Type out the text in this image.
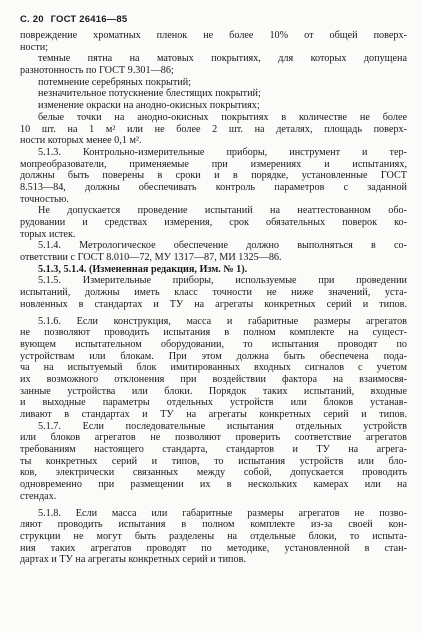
С. 20 ГОСТ 26416—85
повреждение хроматных пленок не более 10% от общей поверх-
ности;
темные пятна на матовых покрытиях, для которых допущена
разнотонность по ГОСТ 9.301—86;
потемнение серебряных покрытий;
незначительное потускнение блестящих покрытий;
изменение окраски на анодно-окисных покрытиях;
белые точки на анодно-окисных покрытиях в количестве не более
10 шт. на 1 м² или не более 2 шт. на деталях, площадь поверх-
ности которых менее 0,1 м².
5.1.3. Контрольно-измерительные приборы, инструмент и тер-
мопреобразователи, применяемые при измерениях и испытаниях,
должны быть поверены в сроки и в порядке, установленные ГОСТ
8.513—84, должны обеспечивать контроль параметров с заданной
точностью.
Не допускается проведение испытаний на неаттестованном обо-
рудовании и средствах измерения, срок обязательных поверок ко-
торых истек.
5.1.4. Метрологическое обеспечение должно выполняться в со-
ответствии с ГОСТ 8.010—72, МУ 1317—87, МИ 1325—86.
5.1.3, 5.1.4. (Измененная редакция, Изм. № 1).
5.1.5. Измерительные приборы, используемые при проведении
испытаний, должны иметь класс точности не ниже значений, уста-
новленных в стандартах и ТУ на агрегаты конкретных серий и типов.
5.1.6. Если конструкция, масса и габаритные размеры агрегатов
не позволяют проводить испытания в полном комплекте на сущест-
вующем испытательном оборудовании, то испытания проводят по
устройствам или блокам. При этом должна быть обеспечена пода-
ча на испытуемый блок имитированных входных сигналов с учетом
их возможного отклонения при воздействии фактора на взаимосвя-
занные устройства или блоки. Порядок таких испытаний, входные
и выходные параметры отдельных устройств или блоков устанав-
ливают в стандартах и ТУ на агрегаты конкретных серий и типов.
5.1.7. Если последовательные испытания отдельных устройств
или блоков агрегатов не позволяют проверить соответствие агрегатов
требованиям настоящего стандарта, стандартов и ТУ на агрега-
ты конкретных серий и типов, то испытания устройств или бло-
ков, электрически связанных между собой, допускается проводить
одновременно при размещении их в нескольких камерах или на
стендах.
5.1.8. Если масса или габаритные размеры агрегатов не позво-
ляют проводить испытания в полном комплекте из-за своей кон-
струкции не могут быть разделены на отдельные блоки, то испыта-
ния таких агрегатов проводят по методике, установленной в стан-
дартах и ТУ на агрегаты конкретных серий и типов.
